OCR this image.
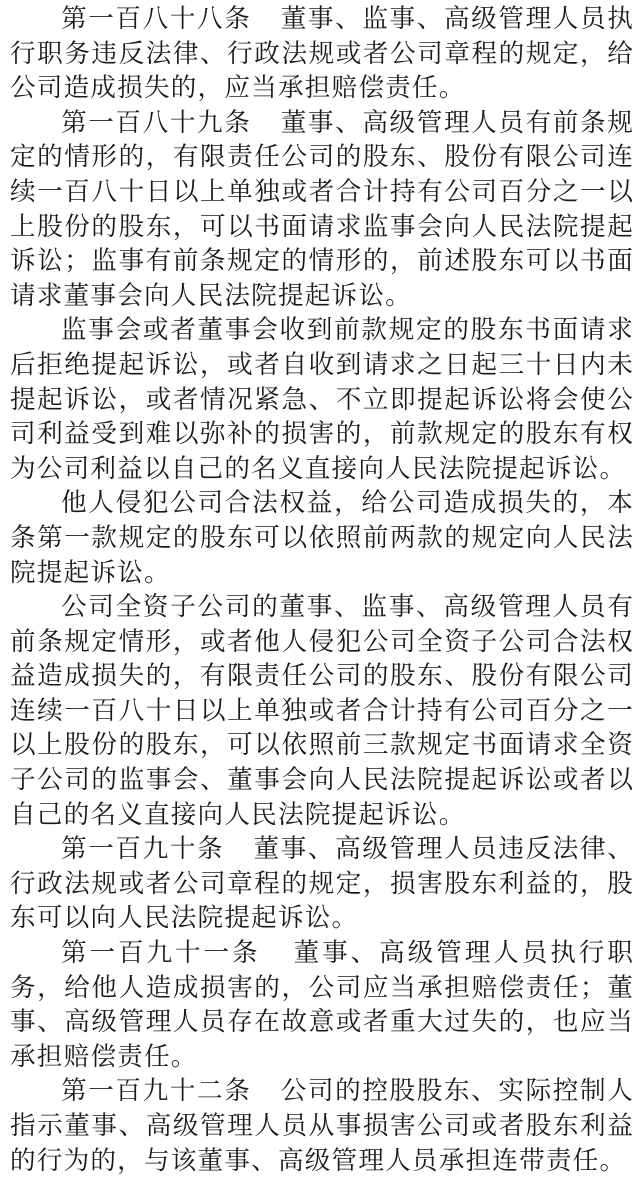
第一百八十八条 董事、监事、高级管理人员执行职务违反法律、行政法规或者公司章程的规定，给公司造成损失的，应当承担赔偿责任。

第一百八十九条 董事、高级管理人员有前条规定的情形的，有限责任公司的股东、股份有限公司连续一百八十日以上单独或者合计持有公司百分之一以上股份的股东，可以书面请求监事会向人民法院提起诉讼；监事有前条规定的情形的，前述股东可以书面请求董事会向人民法院提起诉讼。

监事会或者董事会收到前款规定的股东书面请求后拒绝提起诉讼，或者自收到请求之日起三十日内未提起诉讼，或者情况紧急、不立即提起诉讼将会使公司利益受到难以弥补的损害的，前款规定的股东有权为公司利益以自己的名义直接向人民法院提起诉讼。

他人侵犯公司合法权益，给公司造成损失的，本条第一款规定的股东可以依照前两款的规定向人民法院提起诉讼。

公司全资子公司的董事、监事、高级管理人员有前条规定情形，或者他人侵犯公司全资子公司合法权益造成损失的，有限责任公司的股东、股份有限公司连续一百八十日以上单独或者合计持有公司百分之一以上股份的股东，可以依照前三款规定书面请求全资子公司的监事会、董事会向人民法院提起诉讼或者以自己的名义直接向人民法院提起诉讼。

第一百九十条 董事、高级管理人员违反法律、行政法规或者公司章程的规定，损害股东利益的，股东可以向人民法院提起诉讼。

第一百九十一条 董事、高级管理人员执行职务，给他人造成损害的，公司应当承担赔偿责任；董事、高级管理人员存在故意或者重大过失的，也应当承担赔偿责任。

第一百九十二条 公司的控股股东、实际控制人指示董事、高级管理人员从事损害公司或者股东利益的行为的，与该董事、高级管理人员承担连带责任。
